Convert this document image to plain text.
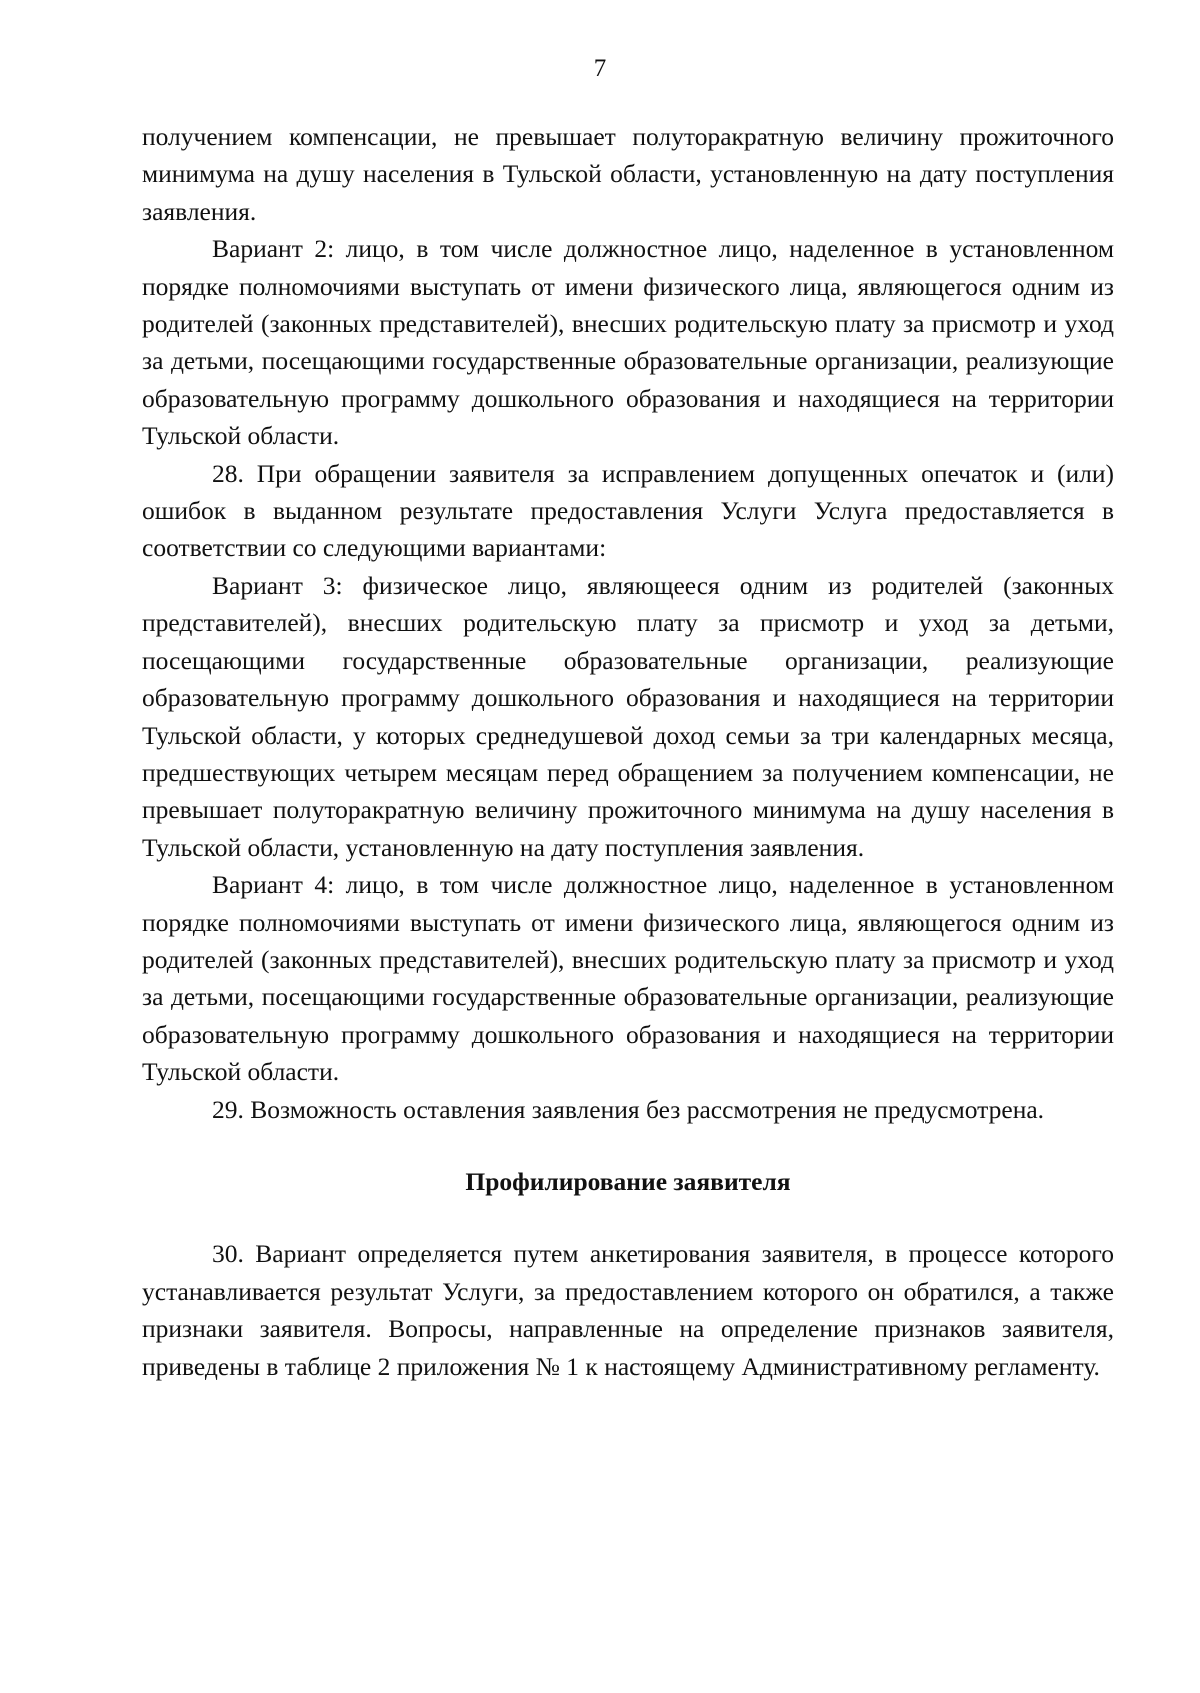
7

получением компенсации, не превышает полуторакратную величину прожиточного минимума на душу населения в Тульской области, установленную на дату поступления заявления.

Вариант 2: лицо, в том числе должностное лицо, наделенное в установленном порядке полномочиями выступать от имени физического лица, являющегося одним из родителей (законных представителей), внесших родительскую плату за присмотр и уход за детьми, посещающими государственные образовательные организации, реализующие образовательную программу дошкольного образования и находящиеся на территории Тульской области.

28. При обращении заявителя за исправлением допущенных опечаток и (или) ошибок в выданном результате предоставления Услуги Услуга предоставляется в соответствии со следующими вариантами:

Вариант 3: физическое лицо, являющееся одним из родителей (законных представителей), внесших родительскую плату за присмотр и уход за детьми, посещающими государственные образовательные организации, реализующие образовательную программу дошкольного образования и находящиеся на территории Тульской области, у которых среднедушевой доход семьи за три календарных месяца, предшествующих четырем месяцам перед обращением за получением компенсации, не превышает полуторакратную величину прожиточного минимума на душу населения в Тульской области, установленную на дату поступления заявления.

Вариант 4: лицо, в том числе должностное лицо, наделенное в установленном порядке полномочиями выступать от имени физического лица, являющегося одним из родителей (законных представителей), внесших родительскую плату за присмотр и уход за детьми, посещающими государственные образовательные организации, реализующие образовательную программу дошкольного образования и находящиеся на территории Тульской области.

29. Возможность оставления заявления без рассмотрения не предусмотрена.

Профилирование заявителя

30. Вариант определяется путем анкетирования заявителя, в процессе которого устанавливается результат Услуги, за предоставлением которого он обратился, а также признаки заявителя. Вопросы, направленные на определение признаков заявителя, приведены в таблице 2 приложения № 1 к настоящему Административному регламенту.
